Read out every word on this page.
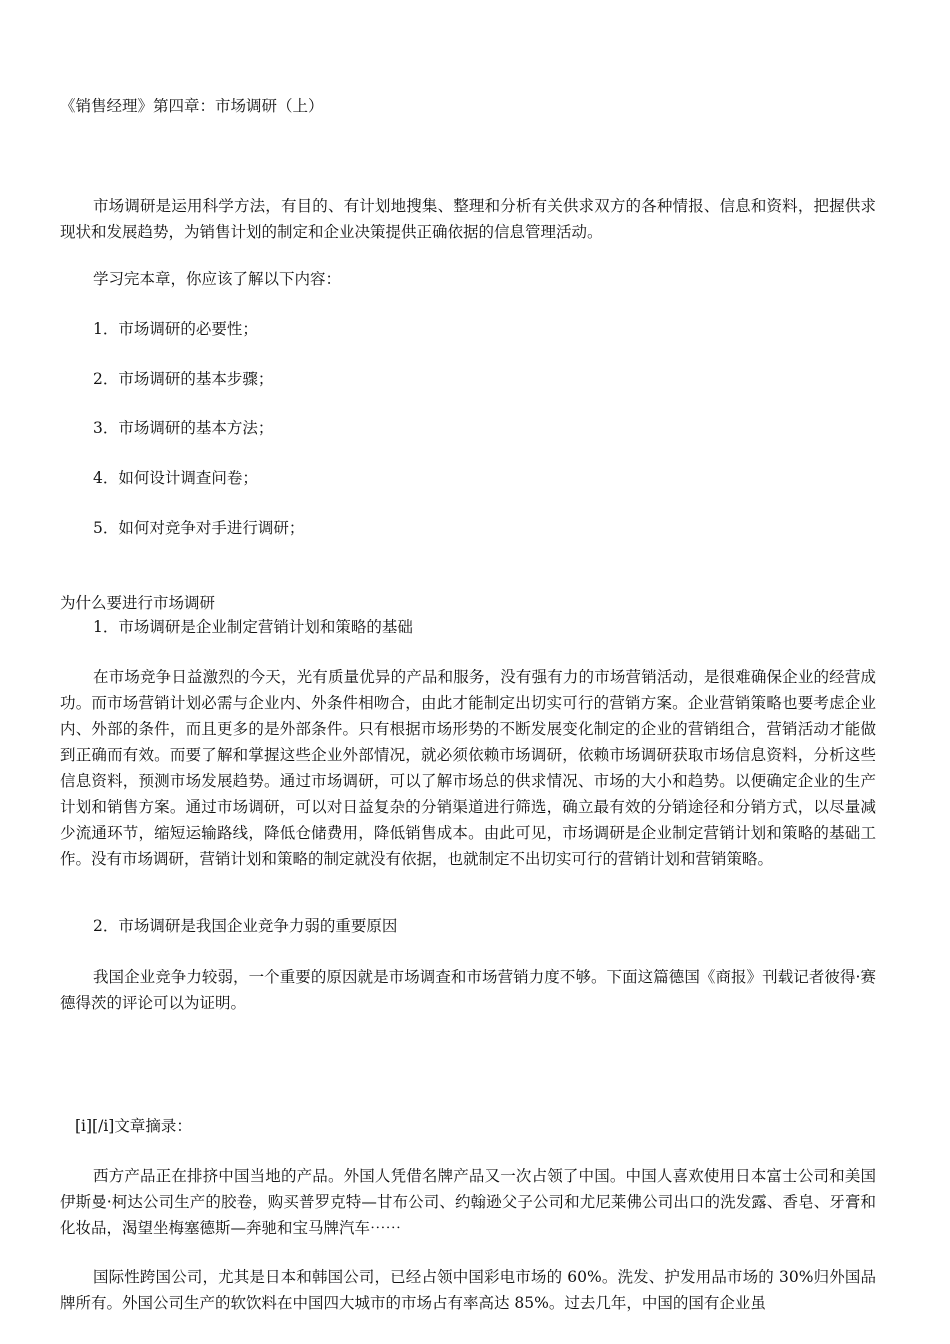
《销售经理》第四章：市场调研（上）
市场调研是运用科学方法，有目的、有计划地搜集、整理和分析有关供求双方的各种情报、信息和资料，把握供求现状和发展趋势，为销售计划的制定和企业决策提供正确依据的信息管理活动。
学习完本章，你应该了解以下内容：
1．市场调研的必要性；
2．市场调研的基本步骤；
3．市场调研的基本方法；
4．如何设计调查问卷；
5．如何对竞争对手进行调研；
为什么要进行市场调研
1．市场调研是企业制定营销计划和策略的基础
在市场竞争日益激烈的今天，光有质量优异的产品和服务，没有强有力的市场营销活动，是很难确保企业的经营成功。而市场营销计划必需与企业内、外条件相吻合，由此才能制定出切实可行的营销方案。企业营销策略也要考虑企业内、外部的条件，而且更多的是外部条件。只有根据市场形势的不断发展变化制定的企业的营销组合，营销活动才能做到正确而有效。而要了解和掌握这些企业外部情况，就必须依赖市场调研，依赖市场调研获取市场信息资料，分析这些信息资料，预测市场发展趋势。通过市场调研，可以了解市场总的供求情况、市场的大小和趋势。以便确定企业的生产计划和销售方案。通过市场调研，可以对日益复杂的分销渠道进行筛选，确立最有效的分销途径和分销方式，以尽量减少流通环节，缩短运输路线，降低仓储费用，降低销售成本。由此可见，市场调研是企业制定营销计划和策略的基础工作。没有市场调研，营销计划和策略的制定就没有依据，也就制定不出切实可行的营销计划和营销策略。
2．市场调研是我国企业竞争力弱的重要原因
我国企业竞争力较弱，一个重要的原因就是市场调查和市场营销力度不够。下面这篇德国《商报》刊载记者彼得·赛德得茨的评论可以为证明。
[i][/i]文章摘录：
西方产品正在排挤中国当地的产品。外国人凭借名牌产品又一次占领了中国。中国人喜欢使用日本富士公司和美国伊斯曼·柯达公司生产的胶卷，购买普罗克特—甘布公司、约翰逊父子公司和尤尼莱佛公司出口的洗发露、香皂、牙膏和化妆品，渴望坐梅塞德斯—奔驰和宝马牌汽车⋯⋯
国际性跨国公司，尤其是日本和韩国公司，已经占领中国彩电市场的 60%。洗发、护发用品市场的 30%归外国品牌所有。外国公司生产的软饮料在中国四大城市的市场占有率高达 85%。过去几年，中国的国有企业虽
